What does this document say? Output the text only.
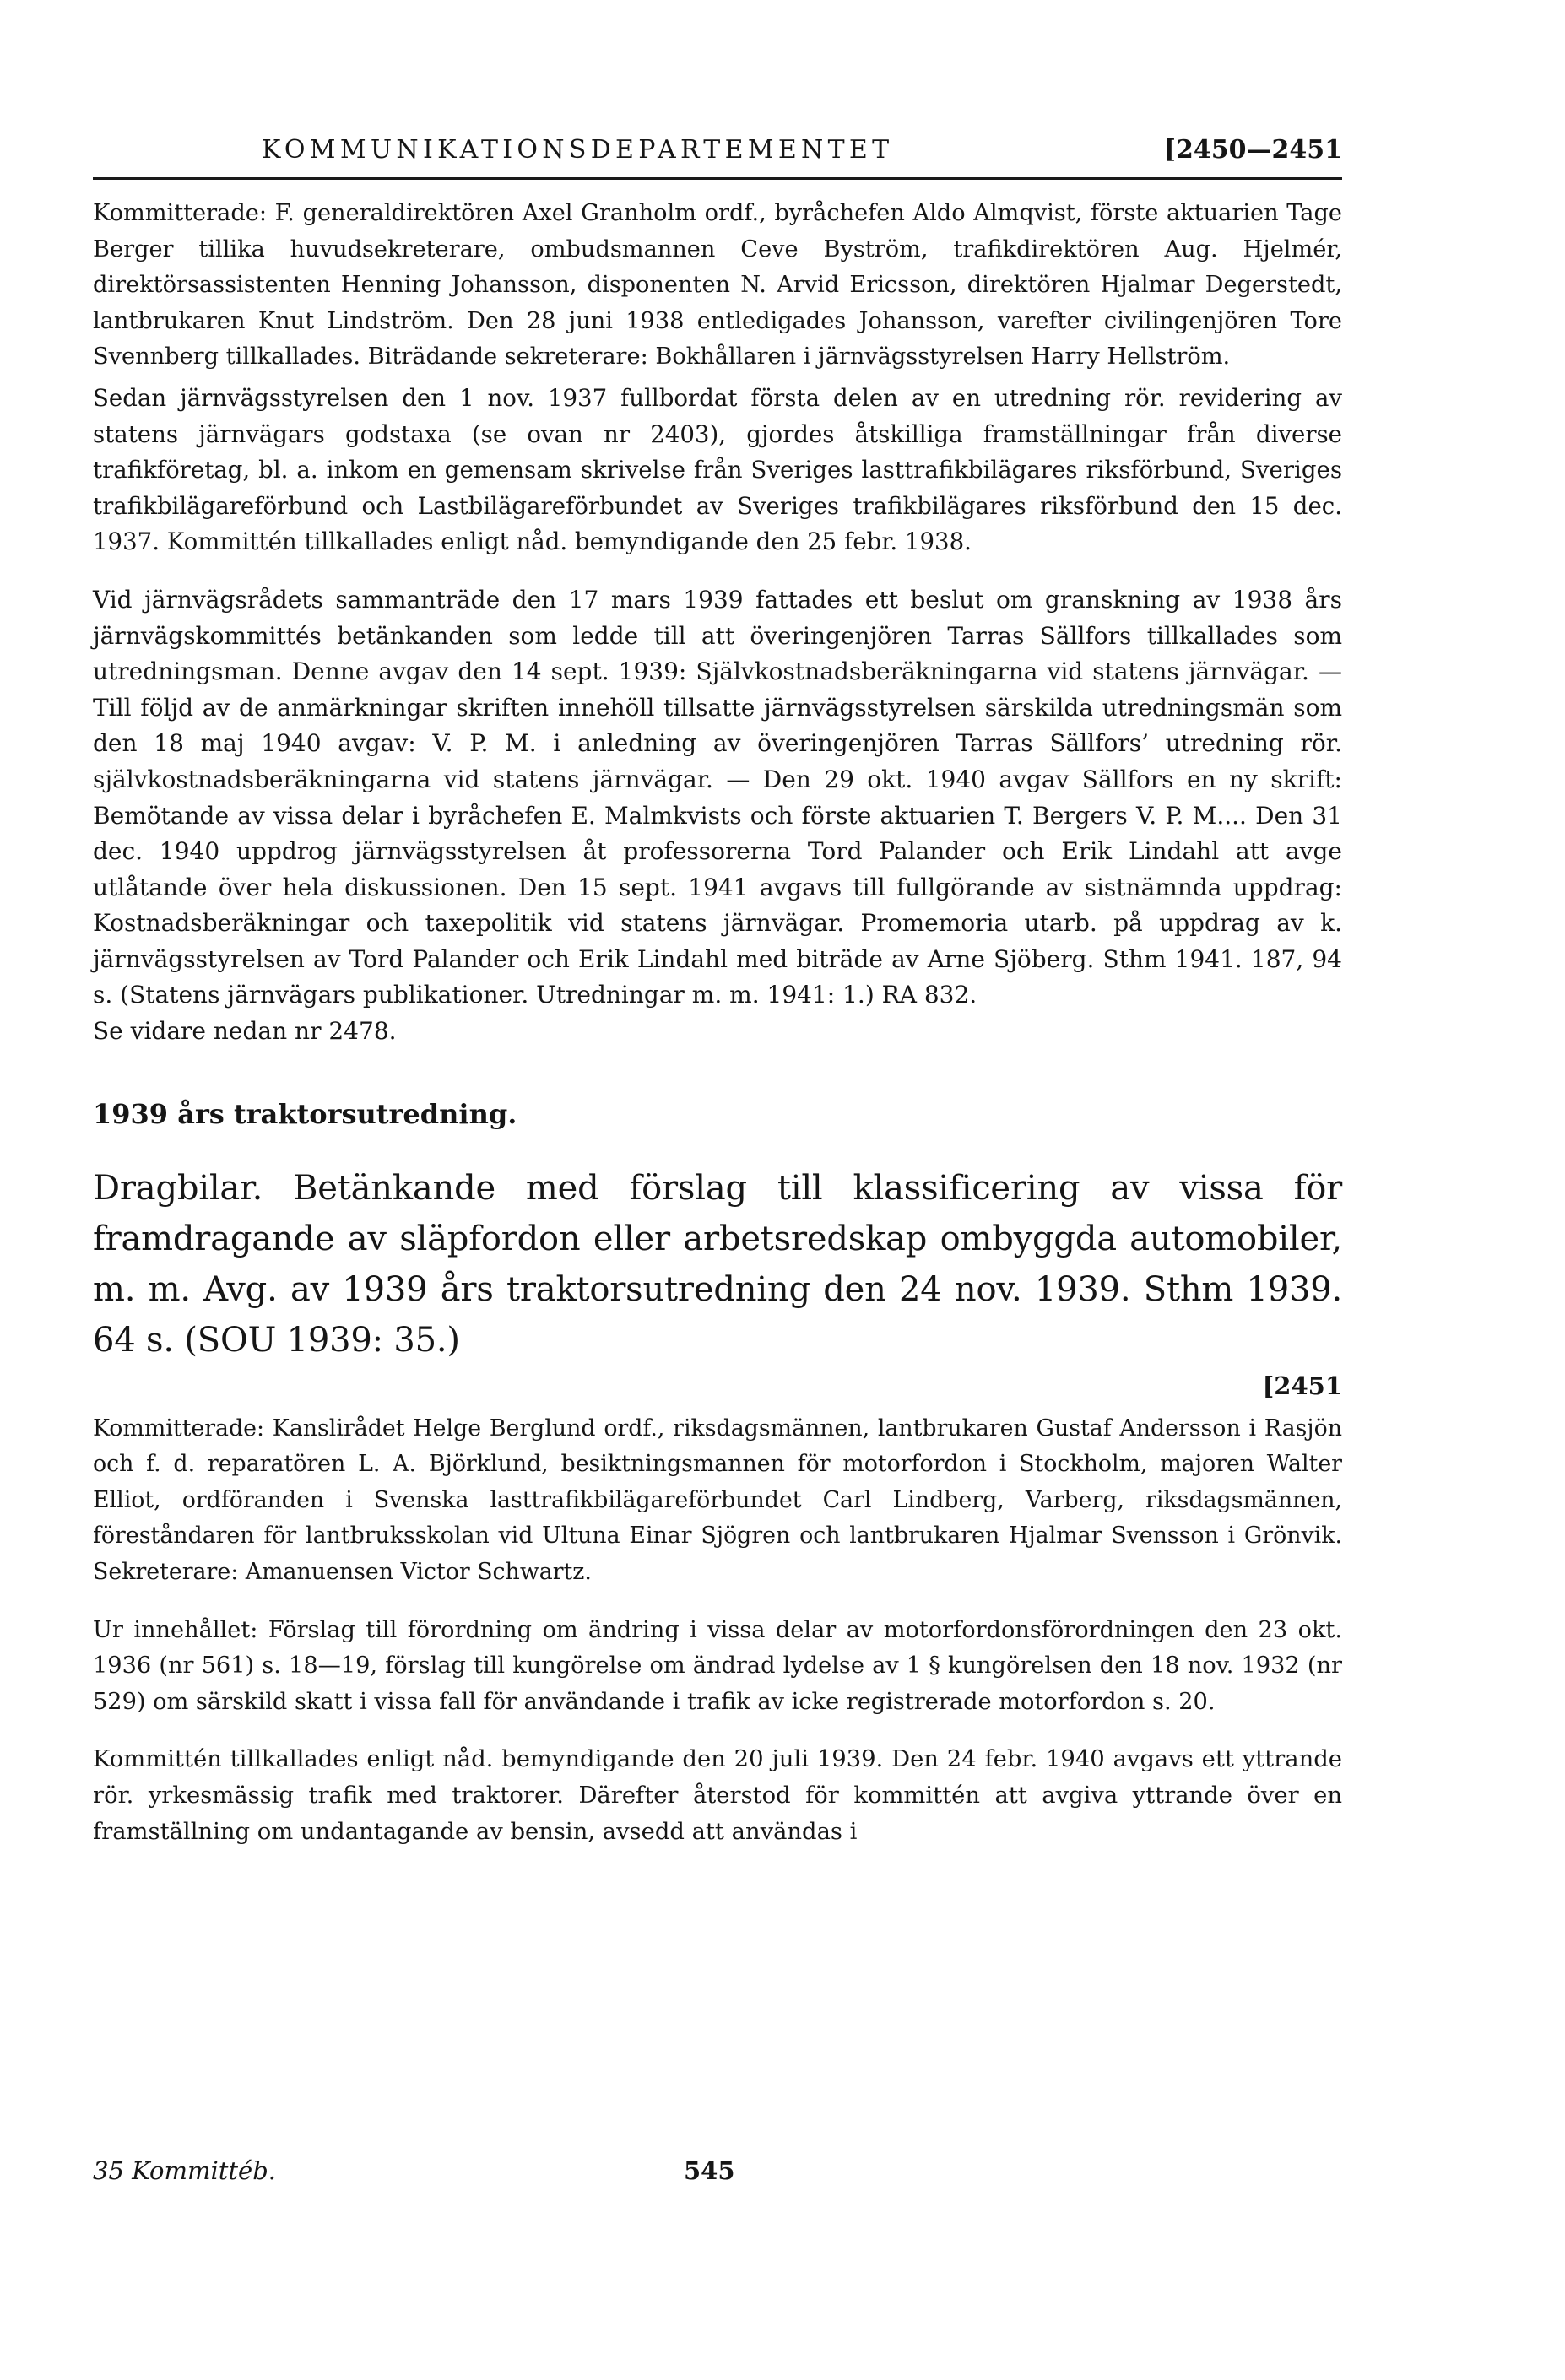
KOMMUNIKATIONSDEPARTEMENTET	[2450—2451

Kommitterade: F. generaldirektören Axel Granholm ordf., byråchefen Aldo Almqvist, förste aktuarien Tage Berger tillika huvudsekreterare, ombudsmannen Ceve Byström, trafikdirektören Aug. Hjelmér, direktörsassistenten Henning Johansson, disponenten N. Arvid Ericsson, direktören Hjalmar Degerstedt, lantbrukaren Knut Lindström. Den 28 juni 1938 entledigades Johansson, varefter civilingenjören Tore Svennberg tillkallades. Biträdande sekreterare: Bokhållaren i järnvägsstyrelsen Harry Hellström.

Sedan järnvägsstyrelsen den 1 nov. 1937 fullbordat första delen av en utredning rör. revidering av statens järnvägars godstaxa (se ovan nr 2403), gjordes åtskilliga framställningar från diverse trafikföretag, bl. a. inkom en gemensam skrivelse från Sveriges lasttrafikbilägares riksförbund, Sveriges trafikbilägareförbund och Lastbilägareförbundet av Sveriges trafikbilägares riksförbund den 15 dec. 1937. Kommittén tillkallades enligt nåd. bemyndigande den 25 febr. 1938.

Vid järnvägsrådets sammanträde den 17 mars 1939 fattades ett beslut om granskning av 1938 års järnvägskommittés betänkanden som ledde till att överingenjören Tarras Sällfors tillkallades som utredningsman. Denne avgav den 14 sept. 1939: Självkostnadsberäkningarna vid statens järnvägar. — Till följd av de anmärkningar skriften innehöll tillsatte järnvägsstyrelsen särskilda utredningsmän som den 18 maj 1940 avgav: V. P. M. i anledning av överingenjören Tarras Sällfors’ utredning rör. självkostnadsberäkningarna vid statens järnvägar. — Den 29 okt. 1940 avgav Sällfors en ny skrift: Bemötande av vissa delar i byråchefen E. Malmkvists och förste aktuarien T. Bergers V. P. M.... Den 31 dec. 1940 uppdrog järnvägsstyrelsen åt professorerna Tord Palander och Erik Lindahl att avge utlåtande över hela diskussionen. Den 15 sept. 1941 avgavs till fullgörande av sistnämnda uppdrag: Kostnadsberäkningar och taxepolitik vid statens järnvägar. Promemoria utarb. på uppdrag av k. järnvägsstyrelsen av Tord Palander och Erik Lindahl med biträde av Arne Sjöberg. Sthm 1941. 187, 94 s. (Statens järnvägars publikationer. Utredningar m. m. 1941: 1.) RA 832.

Se vidare nedan nr 2478.

1939 års traktorsutredning.

Dragbilar. Betänkande med förslag till klassificering av vissa för framdragande av släpfordon eller arbetsredskap ombyggda automobiler, m. m. Avg. av 1939 års traktorsutredning den 24 nov. 1939. Sthm 1939. 64 s. (SOU 1939: 35.)

[2451

Kommitterade: Kanslirådet Helge Berglund ordf., riksdagsmännen, lantbrukaren Gustaf Andersson i Rasjön och f. d. reparatören L. A. Björklund, besiktningsmannen för motorfordon i Stockholm, majoren Walter Elliot, ordföranden i Svenska lasttrafikbilägareförbundet Carl Lindberg, Varberg, riksdagsmännen, föreståndaren för lantbruksskolan vid Ultuna Einar Sjögren och lantbrukaren Hjalmar Svensson i Grönvik. Sekreterare: Amanuensen Victor Schwartz.

Ur innehållet: Förslag till förordning om ändring i vissa delar av motorfordonsförordningen den 23 okt. 1936 (nr 561) s. 18—19, förslag till kungörelse om ändrad lydelse av 1 § kungörelsen den 18 nov. 1932 (nr 529) om särskild skatt i vissa fall för användande i trafik av icke registrerade motorfordon s. 20.

Kommittén tillkallades enligt nåd. bemyndigande den 20 juli 1939. Den 24 febr. 1940 avgavs ett yttrande rör. yrkesmässig trafik med traktorer. Därefter återstod för kommittén att avgiva yttrande över en framställning om undantagande av bensin, avsedd att användas i

35 Kommittéb.	545
